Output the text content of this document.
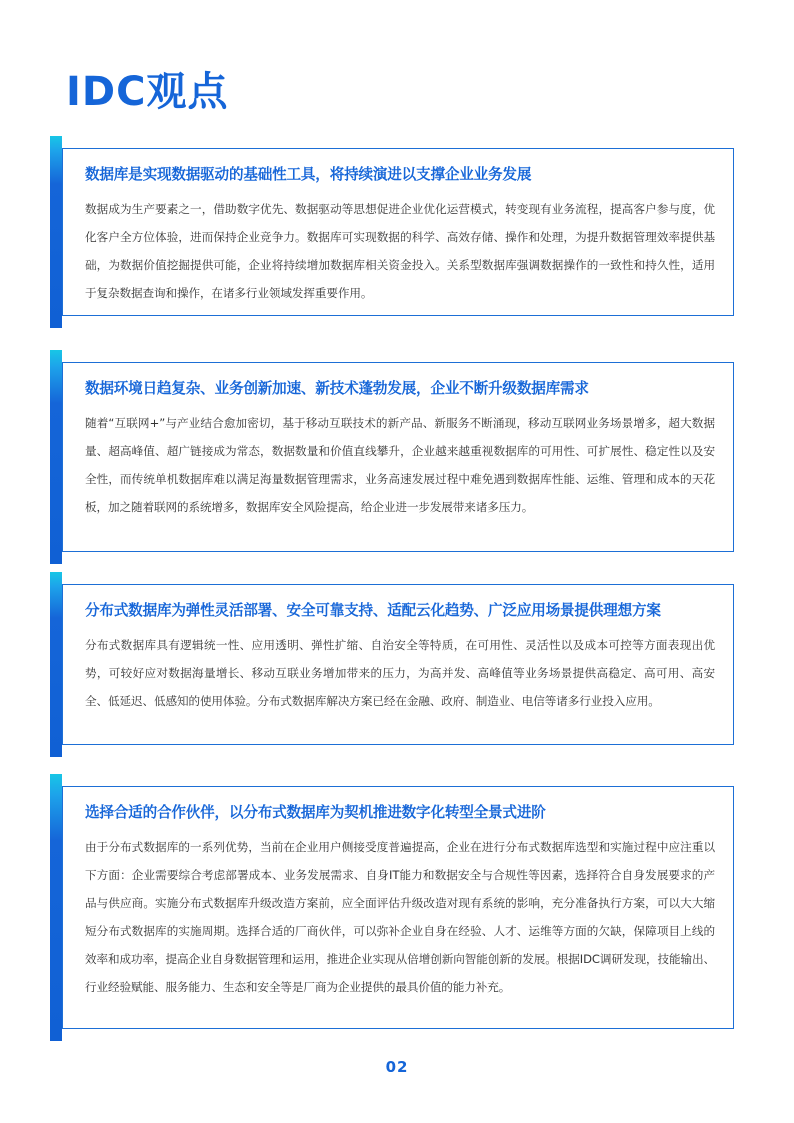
IDC观点
数据库是实现数据驱动的基础性工具，将持续演进以支撑企业业务发展

数据成为生产要素之一，借助数字优先、数据驱动等思想促进企业优化运营模式，转变现有业务流程，提高客户参与度，优化客户全方位体验，进而保持企业竞争力。数据库可实现数据的科学、高效存储、操作和处理，为提升数据管理效率提供基础，为数据价值挖掘提供可能，企业将持续增加数据库相关资金投入。关系型数据库强调数据操作的一致性和持久性，适用于复杂数据查询和操作，在诸多行业领域发挥重要作用。

数据环境日趋复杂、业务创新加速、新技术蓬勃发展，企业不断升级数据库需求

随着“互联网+”与产业结合愈加密切，基于移动互联技术的新产品、新服务不断涌现，移动互联网业务场景增多，超大数据量、超高峰值、超广链接成为常态，数据数量和价值直线攀升，企业越来越重视数据库的可用性、可扩展性、稳定性以及安全性，而传统单机数据库难以满足海量数据管理需求，业务高速发展过程中难免遇到数据库性能、运维、管理和成本的天花板，加之随着联网的系统增多，数据库安全风险提高，给企业进一步发展带来诸多压力。

分布式数据库为弹性灵活部署、安全可靠支持、适配云化趋势、广泛应用场景提供理想方案

分布式数据库具有逻辑统一性、应用透明、弹性扩缩、自治安全等特质，在可用性、灵活性以及成本可控等方面表现出优势，可较好应对数据海量增长、移动互联业务增加带来的压力，为高并发、高峰值等业务场景提供高稳定、高可用、高安全、低延迟、低感知的使用体验。分布式数据库解决方案已经在金融、政府、制造业、电信等诸多行业投入应用。

选择合适的合作伙伴，以分布式数据库为契机推进数字化转型全景式进阶

由于分布式数据库的一系列优势，当前在企业用户侧接受度普遍提高，企业在进行分布式数据库选型和实施过程中应注重以下方面：企业需要综合考虑部署成本、业务发展需求、自身IT能力和数据安全与合规性等因素，选择符合自身发展要求的产品与供应商。实施分布式数据库升级改造方案前，应全面评估升级改造对现有系统的影响，充分准备执行方案，可以大大缩短分布式数据库的实施周期。选择合适的厂商伙伴，可以弥补企业自身在经验、人才、运维等方面的欠缺，保障项目上线的效率和成功率，提高企业自身数据管理和运用，推进企业实现从倍增创新向智能创新的发展。根据IDC调研发现，技能输出、行业经验赋能、服务能力、生态和安全等是厂商为企业提供的最具价值的能力补充。

02
